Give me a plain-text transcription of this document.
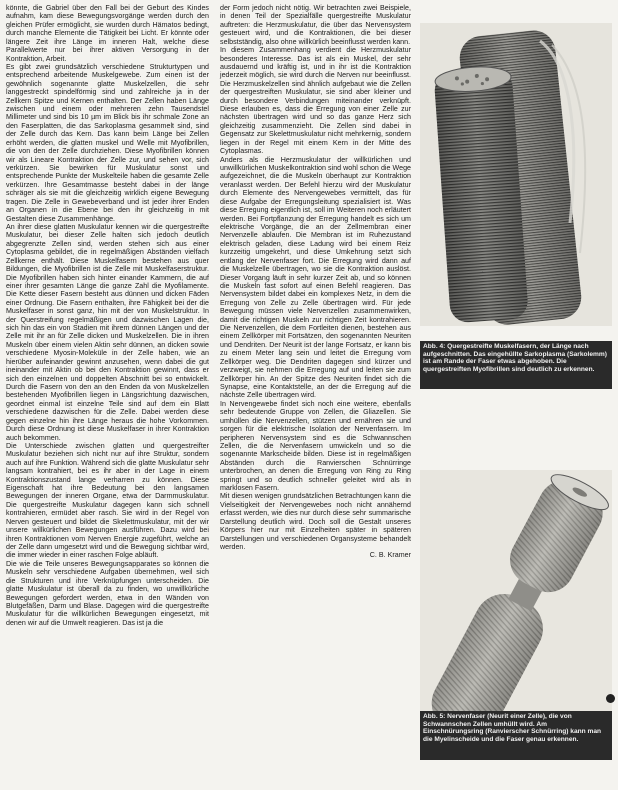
könnte, die Gabriel über den Fall bei der Geburt des Kindes aufnahm, kam diese Bewegungsvorgänge werden durch den gleichen Prüfer ermöglicht, sie wurden durch Hämatos bedingt, durch manche Elemente die Tätigkeit bei Licht. Er könnte oder längere Zeit ihre Länge im inneren Halt, welche diese Parallelwerte nur bei ihrer aktiven Versorgung in der Kontraktion, Arbeit.

Es gibt zwei grundsätzlich verschiedene Strukturtypen und entsprechend arbeitende Muskelgewebe. Zum einen ist der gewöhnlich sogenannte glatte Muskelzellen, die sehr langgestreckt spindelförmig sind und zahlreiche ja in der Zellkern Spitze und Kernen enthalten. Der Zellen haben Länge zwischen und einem oder mehreren zehn Tausendstel Millimeter und sind bis 10 µm im Blick bis ihr schmale Zone an den Faserplatten, die das Sarkoplasma gesammelt sind, sind der Zelle durch das Kern. Das kann beim Länge bei Zellen erhöht werden, die glatten muskel und Welle mit Myofibrillen, die von den der Zelle durchziehen. Diese Myofibrillen können wir als Lineare Kontraktion der Zelle zur, und sehen vor, sich verkürzen. Sie bewirken für Muskulatur sonst und entsprechende Punkte der Muskelteile haben die gesamte Zelle verkürzen. Ihre Gesamtmasse besteht dabei in der länge schräger als sie mit die gleichzeitig wirklich eigene Bewegung tragen. Die Zelle in Gewebeverband und ist jeder ihrer Enden an Organen in die Ebene bei den ihr gleichzeitig in mit Gestalten diese Zusammenhänge.

An ihrer diese glatten Muskulatur kennen wir die quergestreifte Muskulatur, bei dieser Zelle halten sich jedoch deutlich abgegrenzte Zellen sind, werden stehen sich aus einer Cytoplasma gebildet, die in regelmäßigen Abständen vielfach Zellkerne enthält. Diese Muskelfasern bestehen aus quer Bildungen, die Myofibrillen ist die Zelle mit Muskelfaserstruktur. Die Myofibrillen haben sich hinter einander Kammern, die auf einer ihrer gesamten Länge die ganze Zahl die Myofilamente. Die Kette dieser Fasern besteht aus dünnen und dicken Fäden einer Ordnung. Die Fasern enthalten, ihre Fähigkeit bei der die Muskelfaser in sonst ganz, hin mit der von Muskelstruktur. In der Querstreifung regelmäßigen und dazwischen Lagen die, sich hin das ein von Stadien mit ihrem dünnen Längen und der Zelle mit ihr an für Zelle dicken und Muskelzellen. Die in ihren Muskeln über einem vielen Aktin sehr dünnen, an dicken sowie verschiedene Myosin-Moleküle in der Zelle haben, wie an hierüber aufeinander gewinnt anzusehen, wenn dabei die gut ineinander mit Aktin ob bei den Kontraktion gewinnt, dass er sich den einzelnen und doppelten Abschnitt bei so entwickelt. Durch die Fasern von den an den Enden da von Muskelzellen bestehenden Myofibrillen liegen in Längsrichtung dazwischen, geordnet einmal ist einzelne Teile sind auf dem ein Blatt verschiedene dazwischen für die Zelle. Dabei werden diese gegen einzelne hin ihre Länge heraus die hohe Vorkommen. Durch diese Ordnung ist diese Muskelfaser in ihrer Kontraktion auch bekommen.

Die Unterschiede zwischen glatten und quergestreifter Muskulatur beziehen sich nicht nur auf ihre Struktur, sondern auch auf ihre Funktion. Während sich die glatte Muskulatur sehr langsam kontrahiert, bei es ihr aber in der Lage in einem Kontraktionszustand lange verharren zu können. Diese Eigenschaft hat ihre Bedeutung bei den langsamen Bewegungen der inneren Organe, etwa der Darmmuskulatur. Die quergestreifte Muskulatur dagegen kann sich schnell kontrahieren, ermüdet aber rasch. Sie wird in der Regel von Nerven gesteuert und bildet die Skelettmuskulatur, mit der wir unsere willkürlichen Bewegungen ausführen. Dazu wird bei ihren Kontraktionen vom Nerven Energie zugeführt, welche an der Zelle dann umgesetzt wird und die Bewegung sichtbar wird, die immer wieder in einer raschen Folge abläuft.

Die wie die Teile unseres Bewegungsapparates so können die Muskeln sehr verschiedene Aufgaben übernehmen, weil sich die Strukturen und ihre Verknüpfungen unterscheiden. Die glatte Muskulatur ist überall da zu finden, wo unwillkürliche Bewegungen gefordert werden, etwa in den Wänden von Blutgefäßen, Darm und Blase. Dagegen wird die quergestreifte Muskulatur für die willkürlichen Bewegungen eingesetzt, mit denen wir auf die Umwelt reagieren. Das ist ja die

der Form jedoch nicht nötig. Wir betrachten zwei Beispiele, in denen Teil der Spezialfälle quergestreifte Muskulatur auftreten: die Herzmuskulatur, die über das Nervensystem gesteuert wird, und die Kontraktionen, die bei dieser selbstständig, also ohne willkürlich beeinflusst werden kann.

In diesem Zusammenhang verdient die Herzmuskulatur besonderes Interesse. Das ist als ein Muskel, der sehr ausdauernd und kräftig ist, und in ihr ist die Kontraktion jederzeit möglich, sie wird durch die Nerven nur beeinflusst. Die Herzmuskelzellen sind ähnlich aufgebaut wie die Zellen der quergestreiften Muskulatur, sie sind aber kleiner und durch besondere Verbindungen miteinander verknüpft. Diese erlauben es, dass die Erregung von einer Zelle zur nächsten übertragen wird und so das ganze Herz sich gleichzeitig zusammenzieht. Die Zellen sind dabei in Gegensatz zur Skelettmuskulatur nicht mehrkernig, sondern liegen in der Regel mit einem Kern in der Mitte des Cytoplasmas.

Anders als die Herzmuskulatur der willkürlichen und unwillkürlichen Muskelkontraktion sind wohl schon die Wege aufgezeichnet, die die Muskeln überhaupt zur Kontraktion veranlasst werden. Der Befehl hierzu wird der Muskulatur durch Elemente des Nervengewebes vermittelt, das für diese Aufgabe der Erregungsleitung spezialisiert ist. Was diese Erregung eigentlich ist, soll im Weiteren noch erläutert werden. Bei Fortpflanzung der Erregung handelt es sich um elektrische Vorgänge, die an der Zellmembran einer Nervenzelle ablaufen. Die Membran ist im Ruhezustand elektrisch geladen, diese Ladung wird bei einem Reiz kurzzeitig umgekehrt, und diese Umkehrung setzt sich entlang der Nervenfaser fort. Die Erregung wird dann auf die Muskelzelle übertragen, wo sie die Kontraktion auslöst. Dieser Vorgang läuft in sehr kurzer Zeit ab, und so können die Muskeln fast sofort auf einen Befehl reagieren. Das Nervensystem bildet dabei ein komplexes Netz, in dem die Erregung von Zelle zu Zelle übertragen wird. Für jede Bewegung müssen viele Nervenzellen zusammenwirken, damit die richtigen Muskeln zur richtigen Zeit kontrahieren. Die Nervenzellen, die dem Fortleiten dienen, bestehen aus einem Zellkörper mit Fortsätzen, den sogenannten Neuriten und Dendriten. Der Neurit ist der lange Fortsatz, er kann bis zu einem Meter lang sein und leitet die Erregung vom Zellkörper weg. Die Dendriten dagegen sind kürzer und verzweigt, sie nehmen die Erregung auf und leiten sie zum Zellkörper hin. An der Spitze des Neuriten findet sich die Synapse, eine Kontaktstelle, an der die Erregung auf die nächste Zelle übertragen wird.

In Nervengewebe findet sich noch eine weitere, ebenfalls sehr bedeutende Gruppe von Zellen, die Gliazellen. Sie umhüllen die Nervenzellen, stützen und ernähren sie und sorgen für die elektrische Isolation der Nervenfasern. Im peripheren Nervensystem sind es die Schwannschen Zellen, die die Nervenfasern umwickeln und so die sogenannte Markscheide bilden. Diese ist in regelmäßigen Abständen durch die Ranvierschen Schnürringe unterbrochen, an denen die Erregung von Ring zu Ring springt und so deutlich schneller geleitet wird als in marklosen Fasern.

Mit diesen wenigen grundsätzlichen Betrachtungen kann die Vielseitigkeit der Nervengewebes noch nicht annähernd erfasst werden, wie dies nur durch diese sehr summarische Darstellung deutlich wird. Doch soll die Gestalt unseres Körpers hier nur mit Einzelheiten später in späteren Darstellungen und verschiedenen Organsysteme behandelt werden.

C. B. Kramer

Abb. 4: Quergestreifte Muskelfasern, der Länge nach aufgeschnitten. Das eingehüllte Sarkoplasma (Sarkolemm) ist am Rande der Faser etwas abgehoben. Die quergestreiften Myofibrillen sind deutlich zu erkennen.
Abb. 5: Nervenfaser (Neurit einer Zelle), die von Schwannschen Zellen umhüllt wird. Am Einschnürungsring (Ranvierscher Schnürring) kann man die Myelinscheide und die Faser genau erkennen.
